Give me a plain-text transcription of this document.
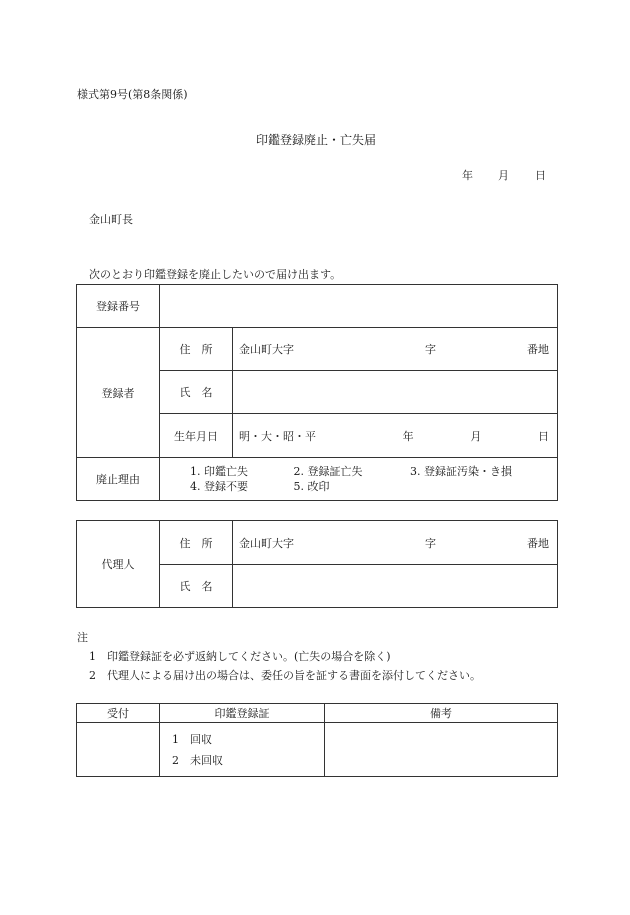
様式第9号(第8条関係)
印鑑登録廃止・亡失届
年 月 日
金山町長
次のとおり印鑑登録を廃止したいので届け出ます。
登録番号		
登録者	住　所	金山町大字 字 番地

	氏　名	
	生年月日	明・大・昭・平 年 月 日

廃止理由	1. 印鑑亡失 2. 登録証亡失 3. 登録証汚染・き損
4. 登録不要 5. 改印	
代理人	住　所	金山町大字 字 番地

	氏　名	
注
1　印鑑登録証を必ず返納してください。(亡失の場合を除く)
2　代理人による届け出の場合は、委任の旨を証する書面を添付してください。
受付	印鑑登録証	備考

	1　回収
2　未回収	
